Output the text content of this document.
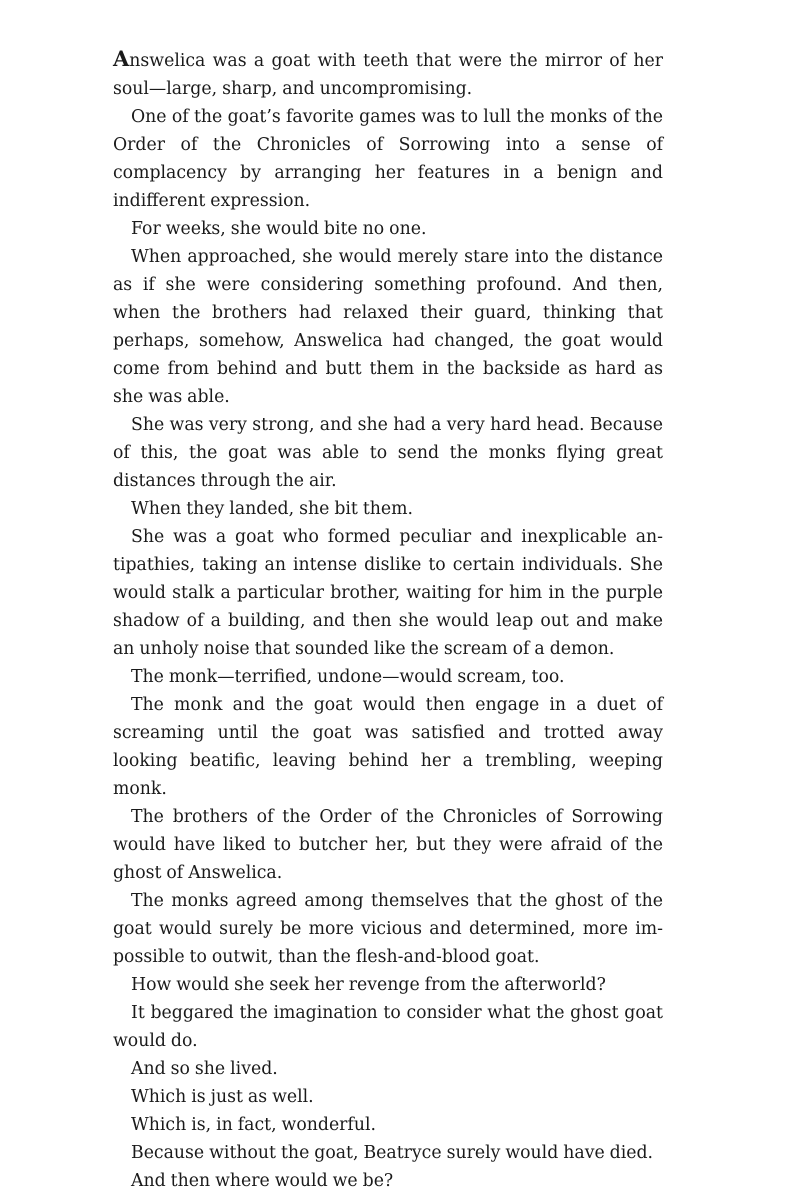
Answelica was a goat with teeth that were the mirror of her soul—large, sharp, and uncompromising.

One of the goat’s favorite games was to lull the monks of the Order of the Chronicles of Sorrowing into a sense of complacency by arranging her features in a benign and indifferent expression.

For weeks, she would bite no one.

When approached, she would merely stare into the distance as if she were considering something profound. And then, when the brothers had relaxed their guard, thinking that perhaps, somehow, Answelica had changed, the goat would come from behind and butt them in the backside as hard as she was able.

She was very strong, and she had a very hard head. Because of this, the goat was able to send the monks flying great distances through the air.

When they landed, she bit them.

She was a goat who formed peculiar and inexplicable antipathies, taking an intense dislike to certain individuals. She would stalk a particular brother, waiting for him in the purple shadow of a building, and then she would leap out and make an unholy noise that sounded like the scream of a demon.

The monk—terrified, undone—would scream, too.

The monk and the goat would then engage in a duet of screaming until the goat was satisfied and trotted away looking beatific, leaving behind her a trembling, weeping monk.

The brothers of the Order of the Chronicles of Sorrowing would have liked to butcher her, but they were afraid of the ghost of Answelica.

The monks agreed among themselves that the ghost of the goat would surely be more vicious and determined, more impossible to outwit, than the flesh-and-blood goat.

How would she seek her revenge from the afterworld?

It beggared the imagination to consider what the ghost goat would do.

And so she lived.

Which is just as well.

Which is, in fact, wonderful.

Because without the goat, Beatryce surely would have died.

And then where would we be?
